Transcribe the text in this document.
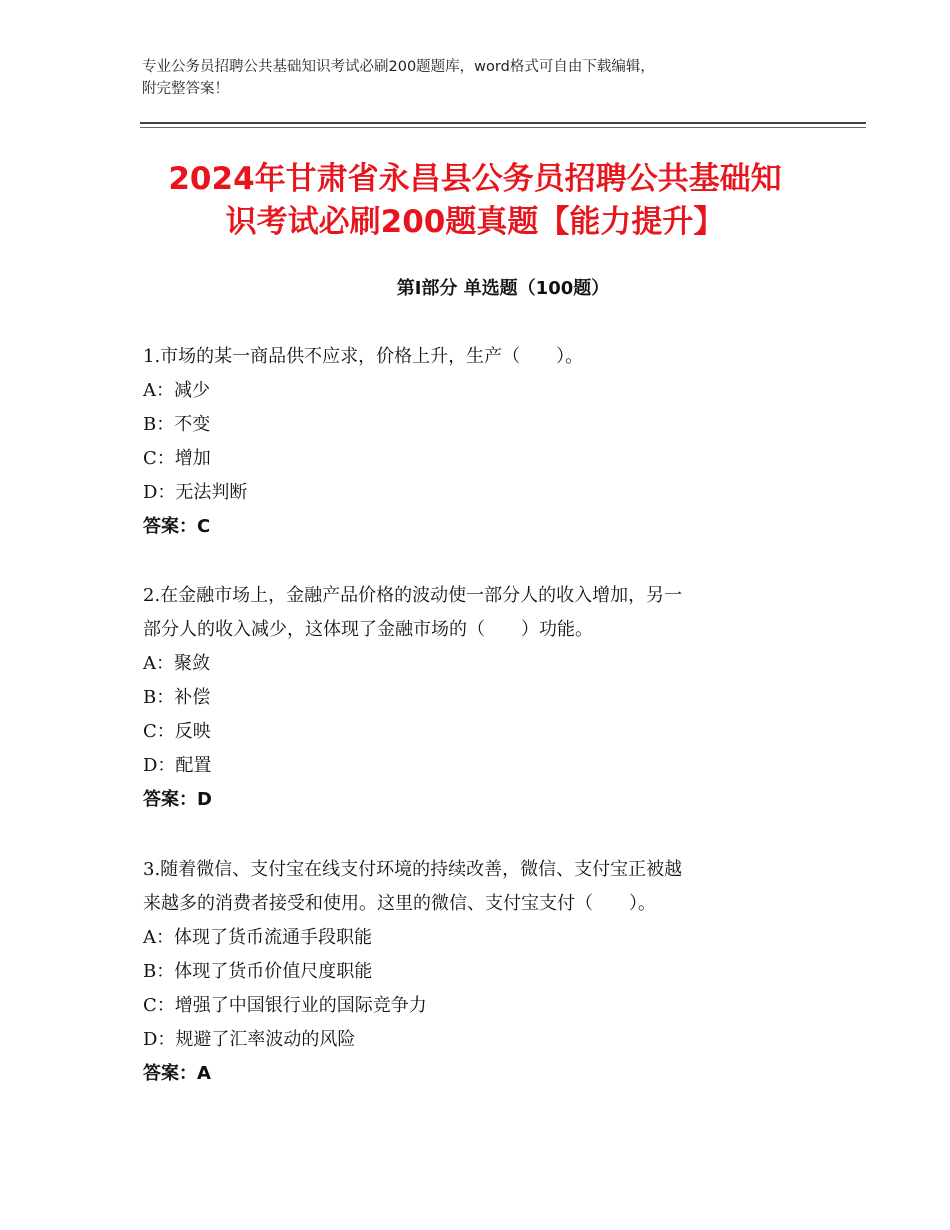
专业公务员招聘公共基础知识考试必刷200题题库，word格式可自由下载编辑，
附完整答案！
2024年甘肃省永昌县公务员招聘公共基础知
识考试必刷200题真题【能力提升】
第Ⅰ部分 单选题（100题）

1.市场的某一商品供不应求，价格上升，生产（　　）。

A：减少

B：不变

C：增加

D：无法判断

答案：C

2.在金融市场上，金融产品价格的波动使一部分人的收入增加，另一

部分人的收入减少，这体现了金融市场的（　　）功能。

A：聚敛

B：补偿

C：反映

D：配置

答案：D

3.随着微信、支付宝在线支付环境的持续改善，微信、支付宝正被越

来越多的消费者接受和使用。这里的微信、支付宝支付（　　）。

A：体现了货币流通手段职能

B：体现了货币价值尺度职能

C：增强了中国银行业的国际竞争力

D：规避了汇率波动的风险

答案：A
